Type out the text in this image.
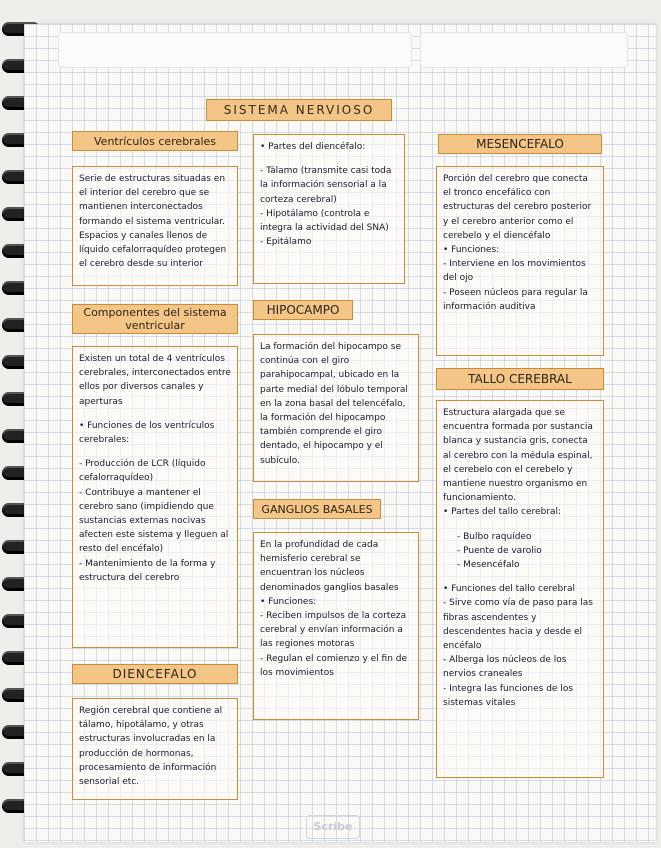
SISTEMA NERVIOSO
Ventrículos cerebrales

Serie de estructuras situadas en el interior del cerebro que se mantienen interconectados formando el sistema ventricular. Espacios y canales llenos de líquido cefalorraquídeo protegen el cerebro desde su interior

Componentes del sistema ventricular

Existen un total de 4 ventrículos cerebrales, interconectados entre ellos por diversos canales y aperturas

• Funciones de los ventrículos cerebrales:

- Producción de LCR (líquido cefalorraquídeo)
- Contribuye a mantener el cerebro sano (impidiendo que sustancias externas nocivas afecten este sistema y lleguen al resto del encéfalo)
- Mantenimiento de la forma y estructura del cerebro
DIENCEFALO

Región cerebral que contiene al tálamo, hipotálamo, y otras estructuras involucradas en la producción de hormonas, procesamiento de información sensorial etc.

• Partes del diencéfalo:

- Tálamo (transmite casi toda la información sensorial a la corteza cerebral)
- Hipotálamo (controla e integra la actividad del SNA)
- Epitálamo
HIPOCAMPO

La formación del hipocampo se continúa con el giro parahipocampal, ubicado en la parte medial del lóbulo temporal en la zona basal del telencéfalo, la formación del hipocampo también comprende el giro dentado, el hipocampo y el subículo.

GANGLIOS BASALES

En la profundidad de cada hemisferio cerebral se encuentran los núcleos denominados ganglios basales

• Funciones:

- Reciben impulsos de la corteza cerebral y envían información a las regiones motoras
- Regulan el comienzo y el fin de los movimientos
MESENCEFALO

Porción del cerebro que conecta el tronco encefálico con estructuras del cerebro posterior y el cerebro anterior como el cerebelo y el diencéfalo

• Funciones:

- Interviene en los movimientos del ojo
- Poseen núcleos para regular la información auditiva
TALLO CEREBRAL

Estructura alargada que se encuentra formada por sustancia blanca y sustancia gris, conecta al cerebro con la médula espinal, el cerebelo con el cerebelo y mantiene nuestro organismo en funcionamiento.

• Partes del tallo cerebral:

- Bulbo raquídeo
- Puente de varolio
- Mesencéfalo

• Funciones del tallo cerebral

- Sirve como vía de paso para las fibras ascendentes y descendentes hacia y desde el encéfalo
- Alberga los núcleos de los nervios craneales
- Integra las funciones de los sistemas vitales
Scribe
